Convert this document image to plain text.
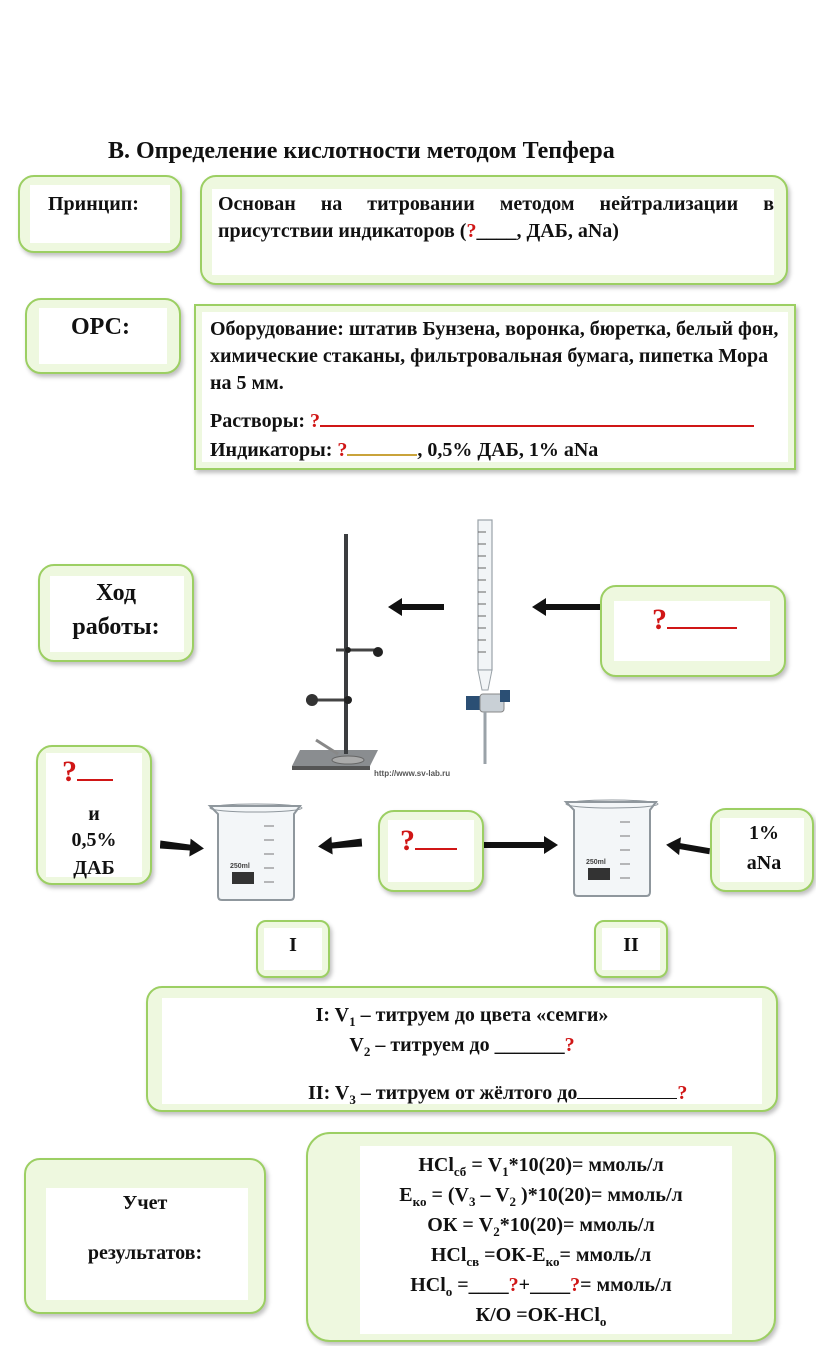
В. Определение кислотности методом Тепфера
Принцип:	Основан на титровании методом нейтрализации в присутствии индикаторов (?____, ДАБ, аNa)
ОРС:	Оборудование: штатив Бунзена, воронка, бюретка, белый фон, химические стаканы, фильтровальная бумага, пипетка Мора на 5 мм.
Растворы: ?
Индикаторы: ?	, 0,5% ДАБ, 1% аNa
Ход
работы:
http://www.sv-lab.ru
?
?
и
0,5%
ДАБ	250ml
250ml
?	1%
аNa
I	II
I: $V_1$ – титруем до цвета «семги»
$V_2$ – титруем до _______?
II: $V_3$ – титруем от жёлтого до	?
Учет
результатов:
$HCl_{сб} = V_1*10(20)=$ ммоль/л
$Е_{ко} = (V_3 - V_2$ )*10(20)= ммоль/л
ОК = $V_2*10(20)=$ ммоль/л
$HCl_{св} =ОК-Е_{ко}=$ ммоль/л
HCl$_о$ =____?+____?= ммоль/л
К/О =ОК-HCl$_о$
